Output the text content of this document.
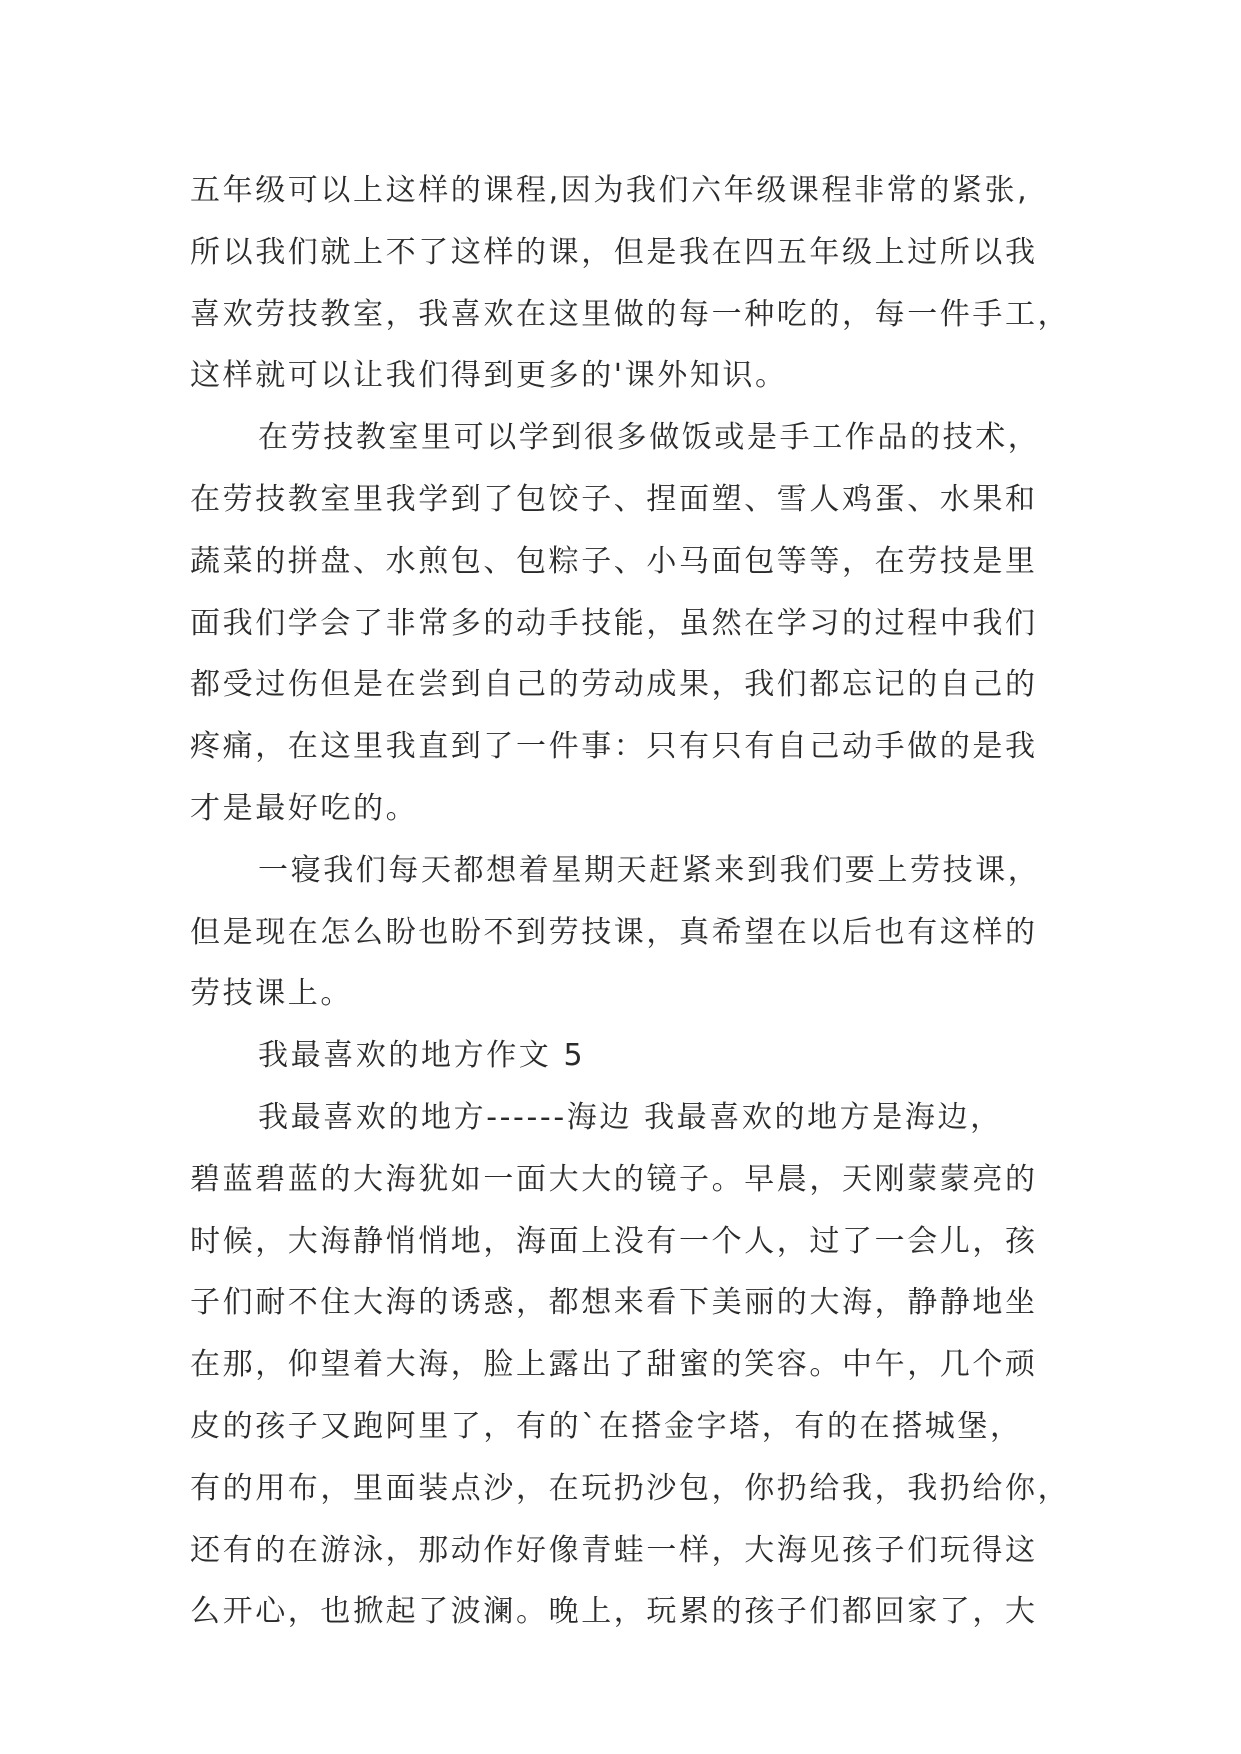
五年级可以上这样的课程,因为我们六年级课程非常的紧张,
所以我们就上不了这样的课，但是我在四五年级上过所以我
喜欢劳技教室，我喜欢在这里做的每一种吃的，每一件手工，
这样就可以让我们得到更多的'课外知识。
在劳技教室里可以学到很多做饭或是手工作品的技术，
在劳技教室里我学到了包饺子、捏面塑、雪人鸡蛋、水果和
蔬菜的拼盘、水煎包、包粽子、小马面包等等，在劳技是里
面我们学会了非常多的动手技能，虽然在学习的过程中我们
都受过伤但是在尝到自己的劳动成果，我们都忘记的自己的
疼痛，在这里我直到了一件事：只有只有自己动手做的是我
才是最好吃的。
一寝我们每天都想着星期天赶紧来到我们要上劳技课，
但是现在怎么盼也盼不到劳技课，真希望在以后也有这样的
劳技课上。
我最喜欢的地方作文 5
我最喜欢的地方------海边 我最喜欢的地方是海边，
碧蓝碧蓝的大海犹如一面大大的镜子。早晨，天刚蒙蒙亮的
时候，大海静悄悄地，海面上没有一个人，过了一会儿，孩
子们耐不住大海的诱惑，都想来看下美丽的大海，静静地坐
在那，仰望着大海，脸上露出了甜蜜的笑容。中午，几个顽
皮的孩子又跑阿里了，有的`在搭金字塔，有的在搭城堡，
有的用布，里面装点沙，在玩扔沙包，你扔给我，我扔给你，
还有的在游泳，那动作好像青蛙一样，大海见孩子们玩得这
么开心，也掀起了波澜。晚上，玩累的孩子们都回家了，大
